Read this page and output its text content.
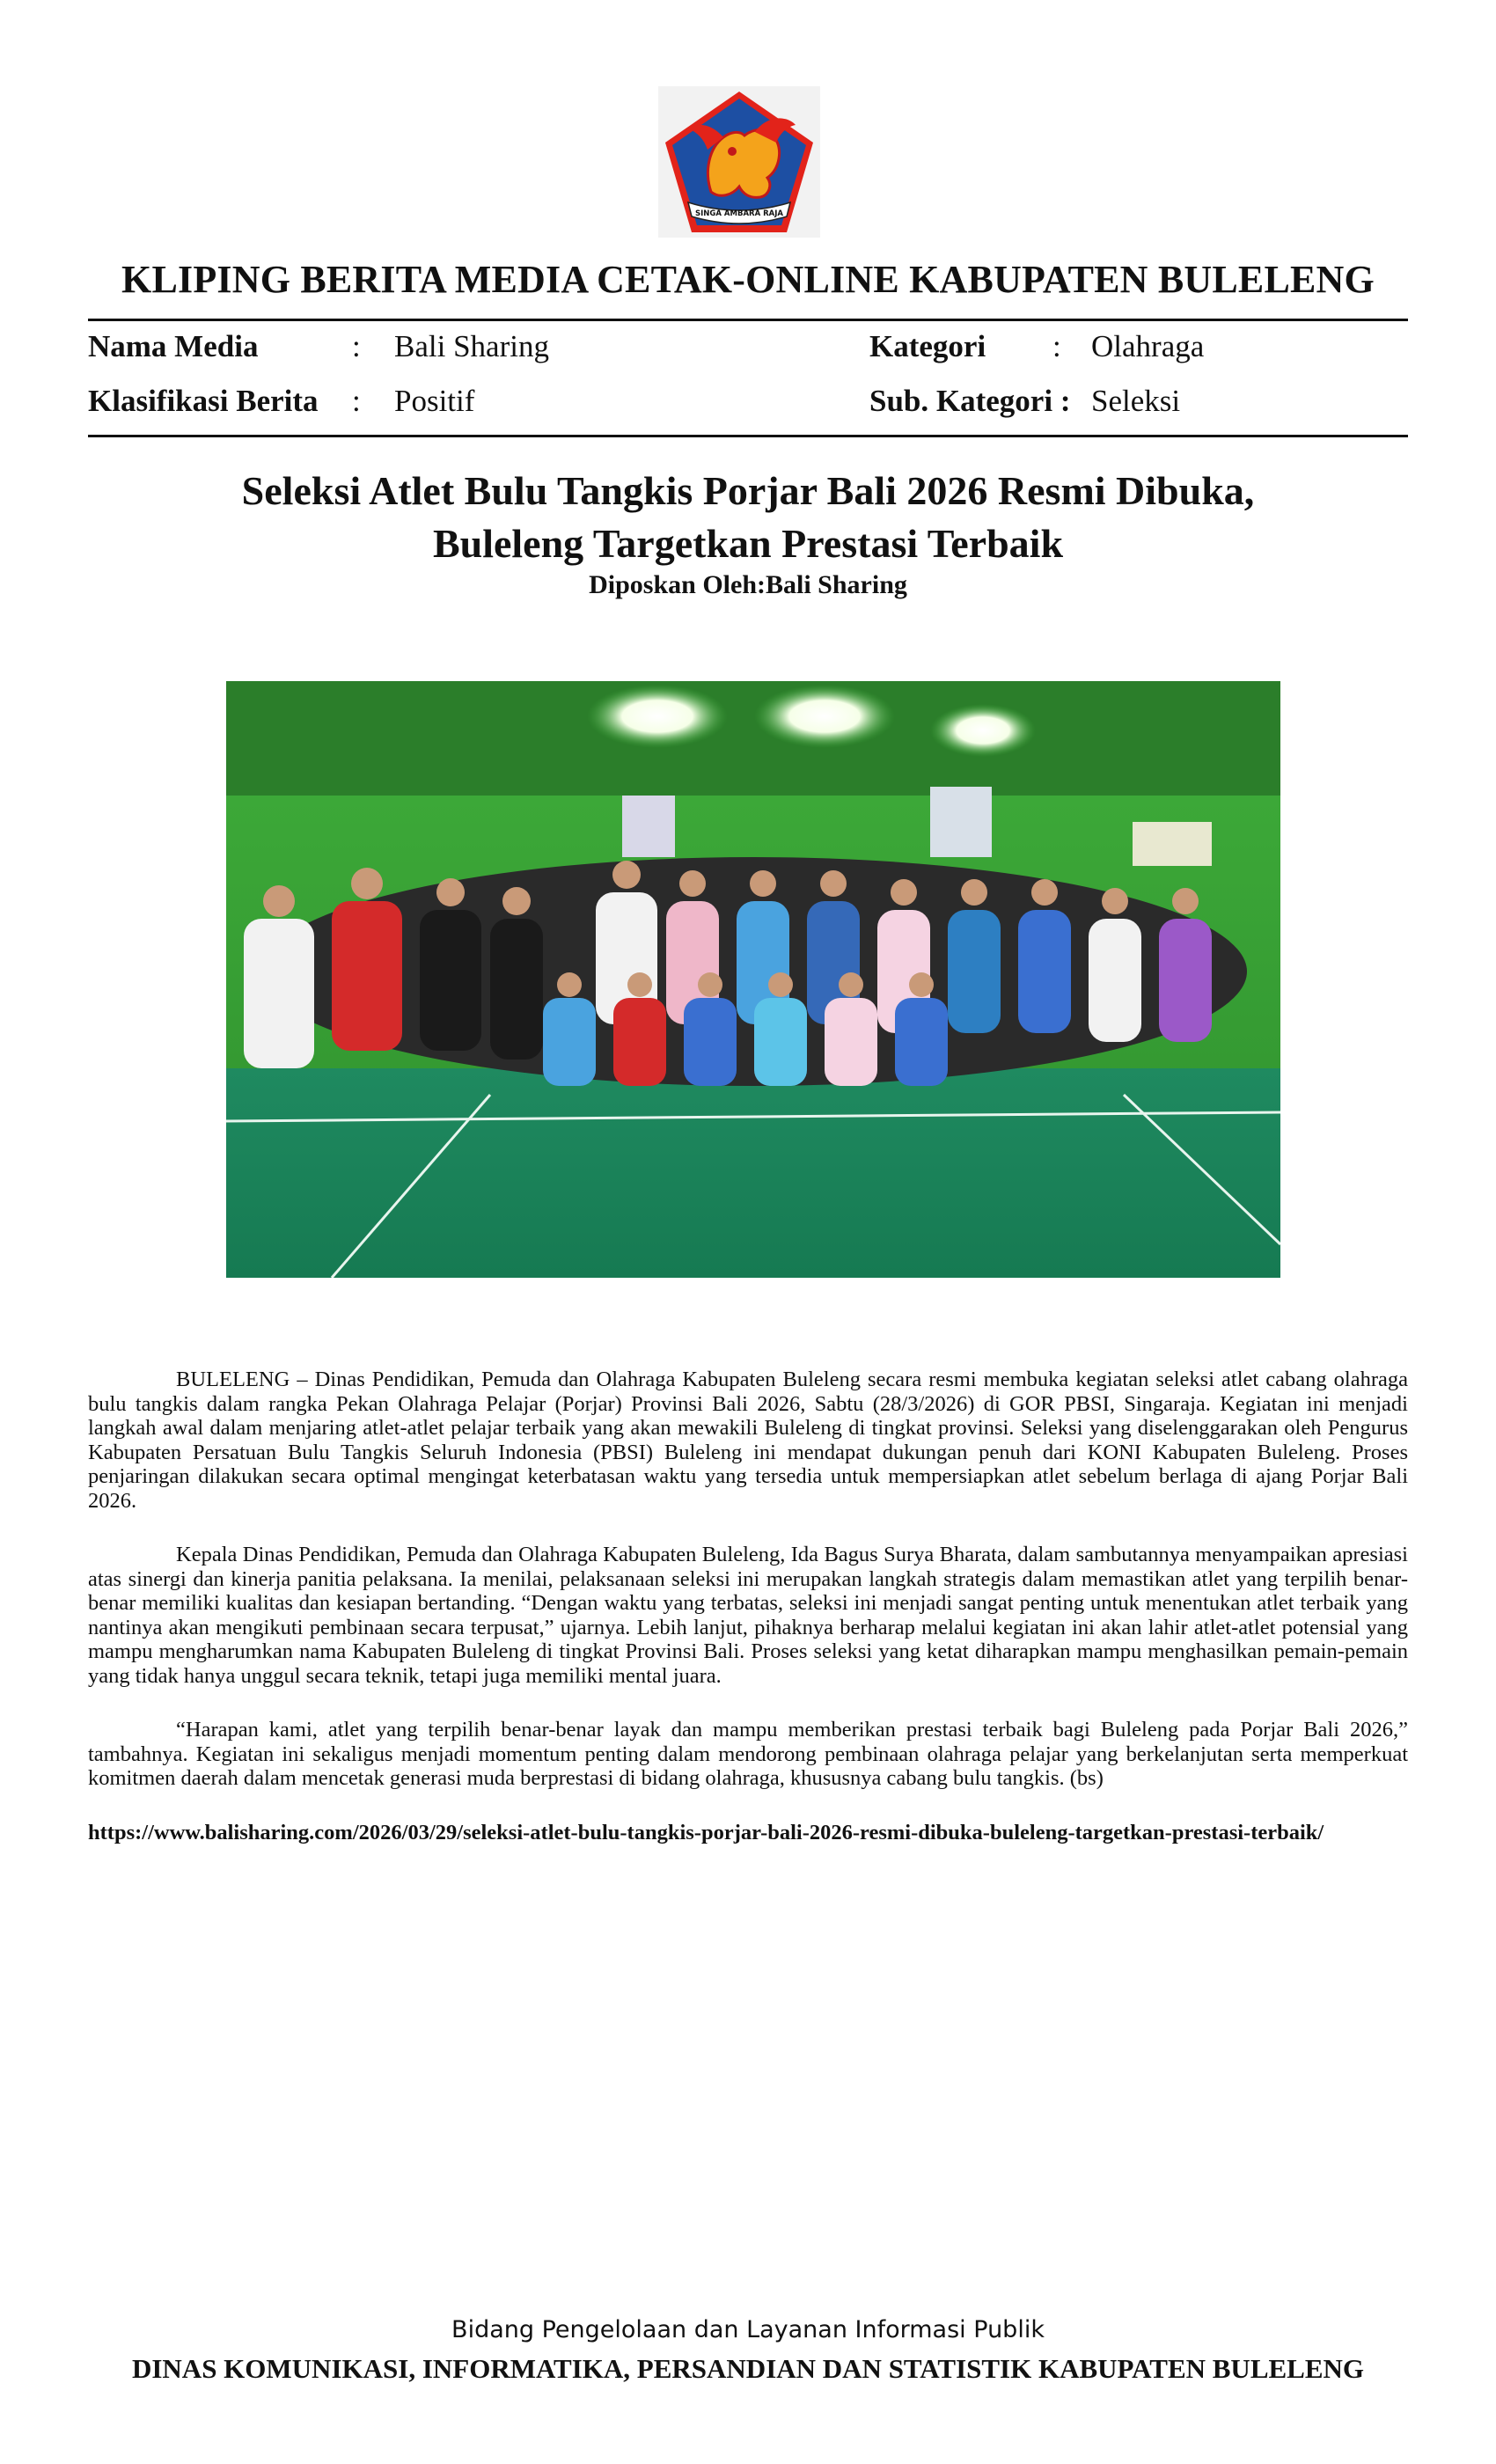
SINGA AMBARA RAJA
KLIPING BERITA MEDIA CETAK-ONLINE KABUPATEN BULELENG
Nama Media	: Bali Sharing	Kategori : Olahraga
Klasifikasi Berita : Positif	Sub. Kategori : Seleksi
Seleksi Atlet Bulu Tangkis Porjar Bali 2026 Resmi Dibuka,
Buleleng Targetkan Prestasi Terbaik
Diposkan Oleh:Bali Sharing

BULELENG – Dinas Pendidikan, Pemuda dan Olahraga Kabupaten Buleleng secara resmi membuka kegiatan seleksi atlet cabang olahraga bulu tangkis dalam rangka Pekan Olahraga Pelajar (Porjar) Provinsi Bali 2026, Sabtu (28/3/2026) di GOR PBSI, Singaraja. Kegiatan ini menjadi langkah awal dalam menjaring atlet-atlet pelajar terbaik yang akan mewakili Buleleng di tingkat provinsi. Seleksi yang diselenggarakan oleh Pengurus Kabupaten Persatuan Bulu Tangkis Seluruh Indonesia (PBSI) Buleleng ini mendapat dukungan penuh dari KONI Kabupaten Buleleng. Proses penjaringan dilakukan secara optimal mengingat keterbatasan waktu yang tersedia untuk mempersiapkan atlet sebelum berlaga di ajang Porjar Bali 2026.

Kepala Dinas Pendidikan, Pemuda dan Olahraga Kabupaten Buleleng, Ida Bagus Surya Bharata, dalam sambutannya menyampaikan apresiasi atas sinergi dan kinerja panitia pelaksana. Ia menilai, pelaksanaan seleksi ini merupakan langkah strategis dalam memastikan atlet yang terpilih benar-benar memiliki kualitas dan kesiapan bertanding. “Dengan waktu yang terbatas, seleksi ini menjadi sangat penting untuk menentukan atlet terbaik yang nantinya akan mengikuti pembinaan secara terpusat,” ujarnya. Lebih lanjut, pihaknya berharap melalui kegiatan ini akan lahir atlet-atlet potensial yang mampu mengharumkan nama Kabupaten Buleleng di tingkat Provinsi Bali. Proses seleksi yang ketat diharapkan mampu menghasilkan pemain-pemain yang tidak hanya unggul secara teknik, tetapi juga memiliki mental juara.

“Harapan kami, atlet yang terpilih benar-benar layak dan mampu memberikan prestasi terbaik bagi Buleleng pada Porjar Bali 2026,” tambahnya. Kegiatan ini sekaligus menjadi momentum penting dalam mendorong pembinaan olahraga pelajar yang berkelanjutan serta memperkuat komitmen daerah dalam mencetak generasi muda berprestasi di bidang olahraga, khususnya cabang bulu tangkis. (bs)

https://www.balisharing.com/2026/03/29/seleksi-atlet-bulu-tangkis-porjar-bali-2026-resmi-dibuka-buleleng-targetkan-prestasi-terbaik/
Bidang Pengelolaan dan Layanan Informasi Publik
DINAS KOMUNIKASI, INFORMATIKA, PERSANDIAN DAN STATISTIK KABUPATEN BULELENG
